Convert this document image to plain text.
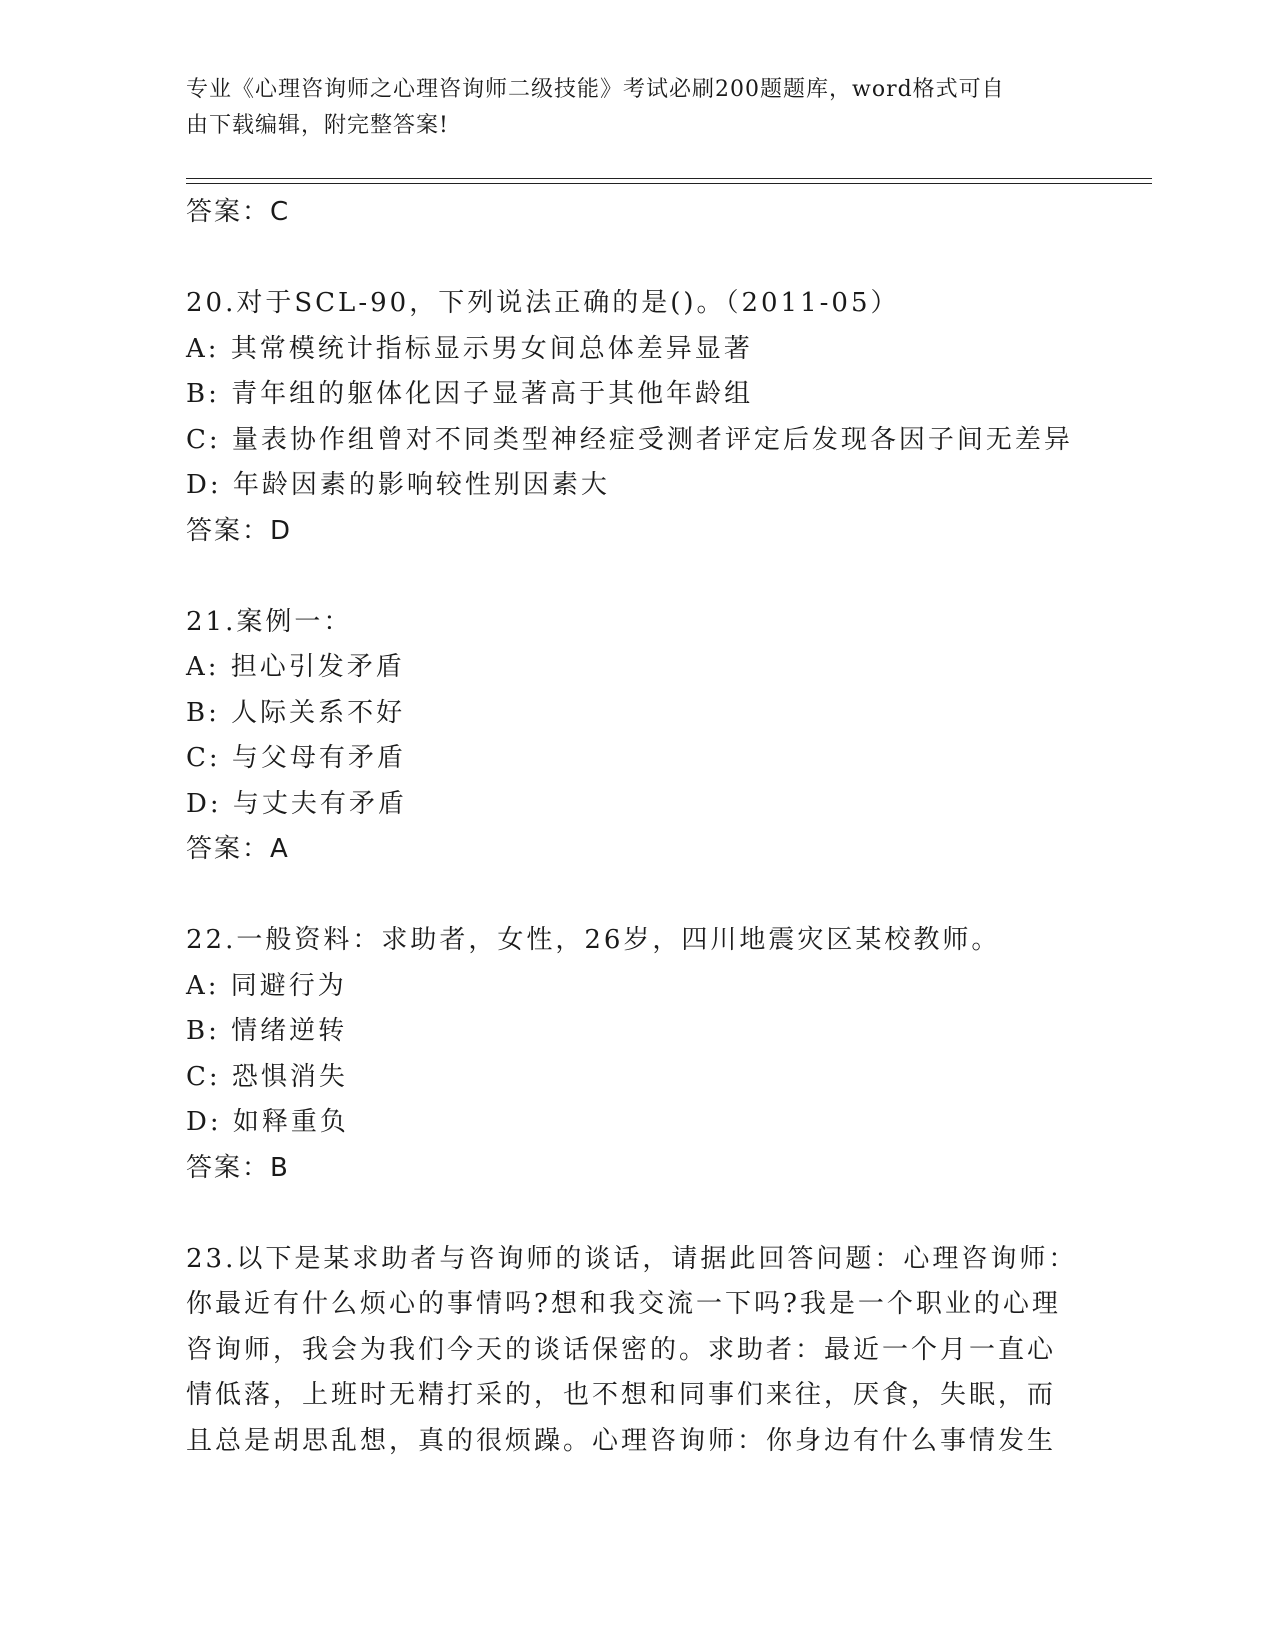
专业《心理咨询师之心理咨询师二级技能》考试必刷200题题库，word格式可自
由下载编辑，附完整答案!
答案：C
20.对于SCL-90，下列说法正确的是()。（2011-05）
A: 其常模统计指标显示男女间总体差异显著
B: 青年组的躯体化因子显著高于其他年龄组
C: 量表协作组曾对不同类型神经症受测者评定后发现各因子间无差异
D: 年龄因素的影响较性别因素大
答案：D
21.案例一：
A: 担心引发矛盾
B: 人际关系不好
C: 与父母有矛盾
D: 与丈夫有矛盾
答案：A
22.一般资料：求助者，女性，26岁，四川地震灾区某校教师。
A: 同避行为
B: 情绪逆转
C: 恐惧消失
D: 如释重负
答案：B
23.以下是某求助者与咨询师的谈话，请据此回答问题：心理咨询师：
你最近有什么烦心的事情吗?想和我交流一下吗?我是一个职业的心理
咨询师，我会为我们今天的谈话保密的。求助者：最近一个月一直心
情低落，上班时无精打采的，也不想和同事们来往，厌食，失眠，而
且总是胡思乱想，真的很烦躁。心理咨询师：你身边有什么事情发生
